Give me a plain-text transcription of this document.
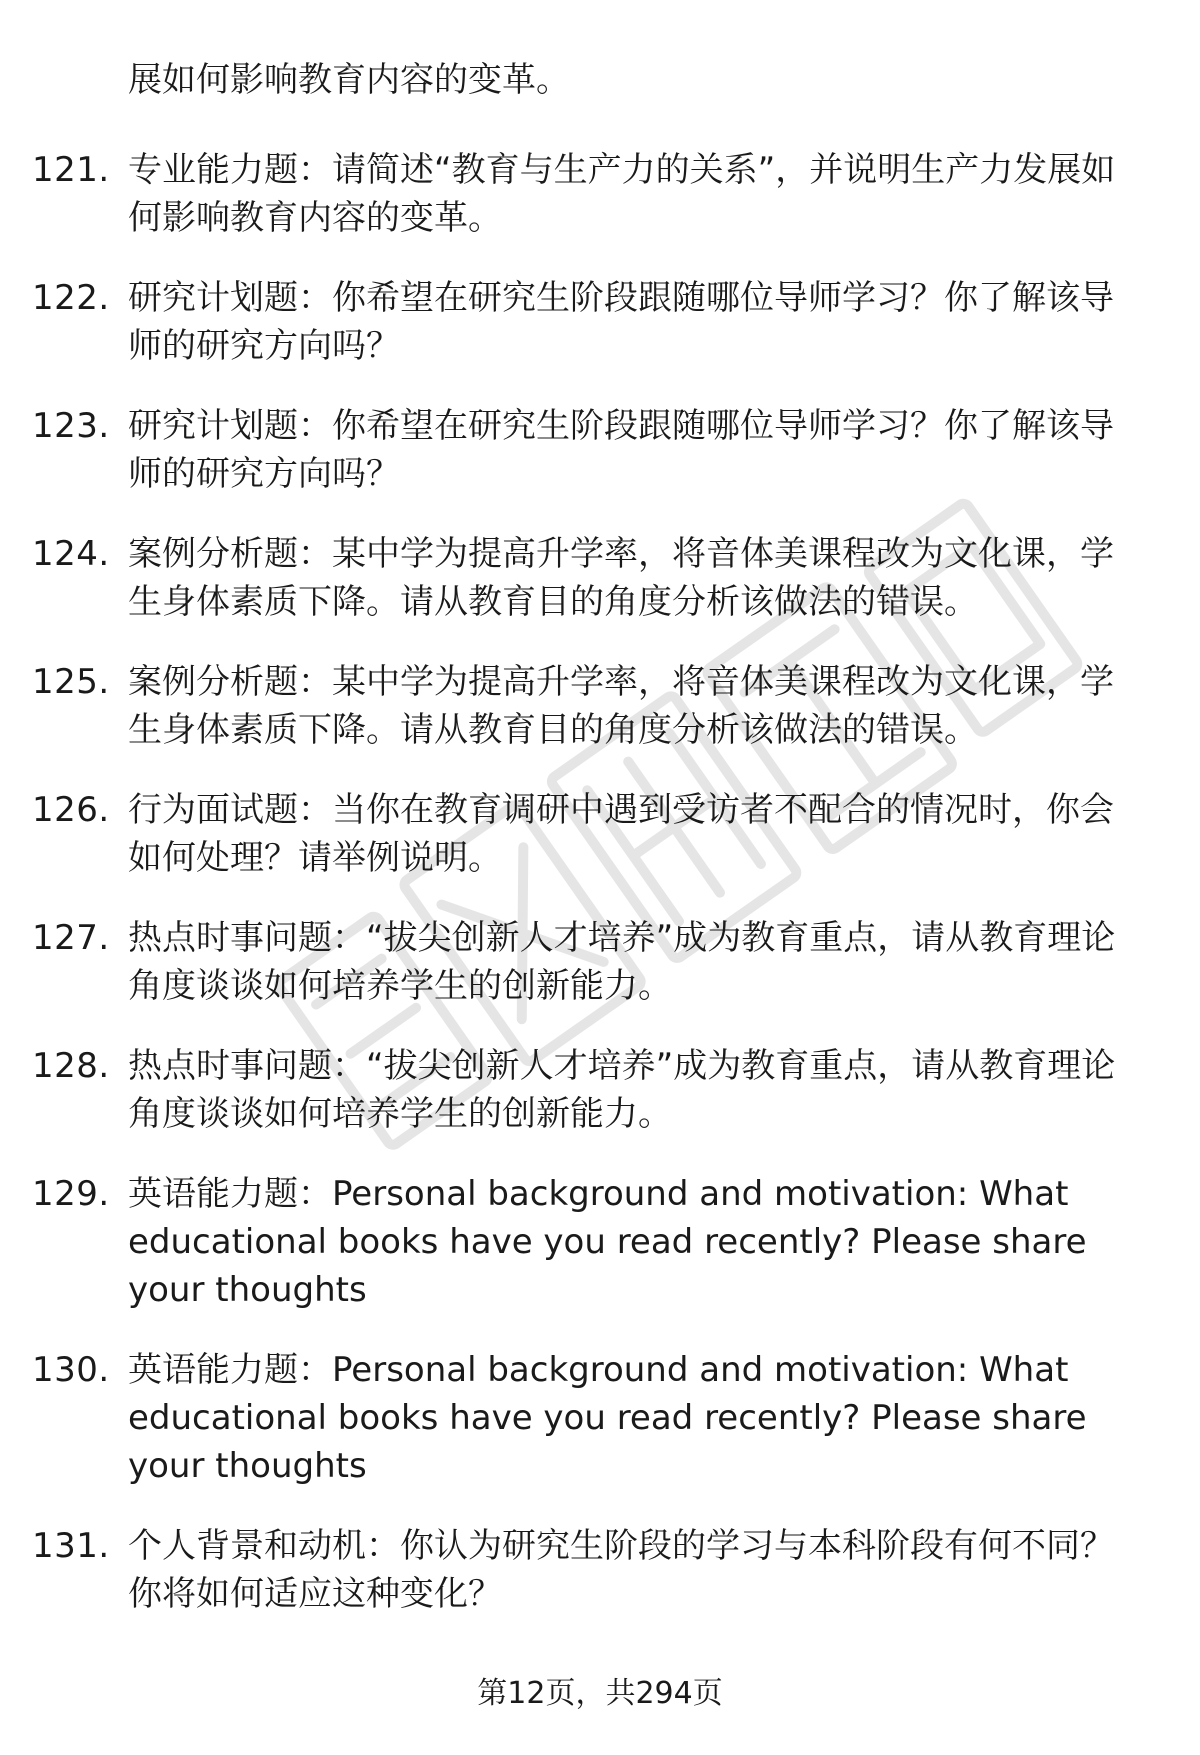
展如何影响教育内容的变革。

121. 专业能力题：请简述“教育与生产力的关系”，并说明生产力发展如何影响教育内容的变革。
122. 研究计划题：你希望在研究生阶段跟随哪位导师学习？你了解该导师的研究方向吗？
123. 研究计划题：你希望在研究生阶段跟随哪位导师学习？你了解该导师的研究方向吗？
124. 案例分析题：某中学为提高升学率，将音体美课程改为文化课，学生身体素质下降。请从教育目的角度分析该做法的错误。
125. 案例分析题：某中学为提高升学率，将音体美课程改为文化课，学生身体素质下降。请从教育目的角度分析该做法的错误。
126. 行为面试题：当你在教育调研中遇到受访者不配合的情况时，你会如何处理？请举例说明。
127. 热点时事问题：“拔尖创新人才培养”成为教育重点，请从教育理论角度谈谈如何培养学生的创新能力。
128. 热点时事问题：“拔尖创新人才培养”成为教育重点，请从教育理论角度谈谈如何培养学生的创新能力。
129. 英语能力题：Personal background and motivation: What educational books have you read recently? Please share your thoughts
130. 英语能力题：Personal background and motivation: What educational books have you read recently? Please share your thoughts
131. 个人背景和动机：你认为研究生阶段的学习与本科阶段有何不同？你将如何适应这种变化？
第12页，共294页
